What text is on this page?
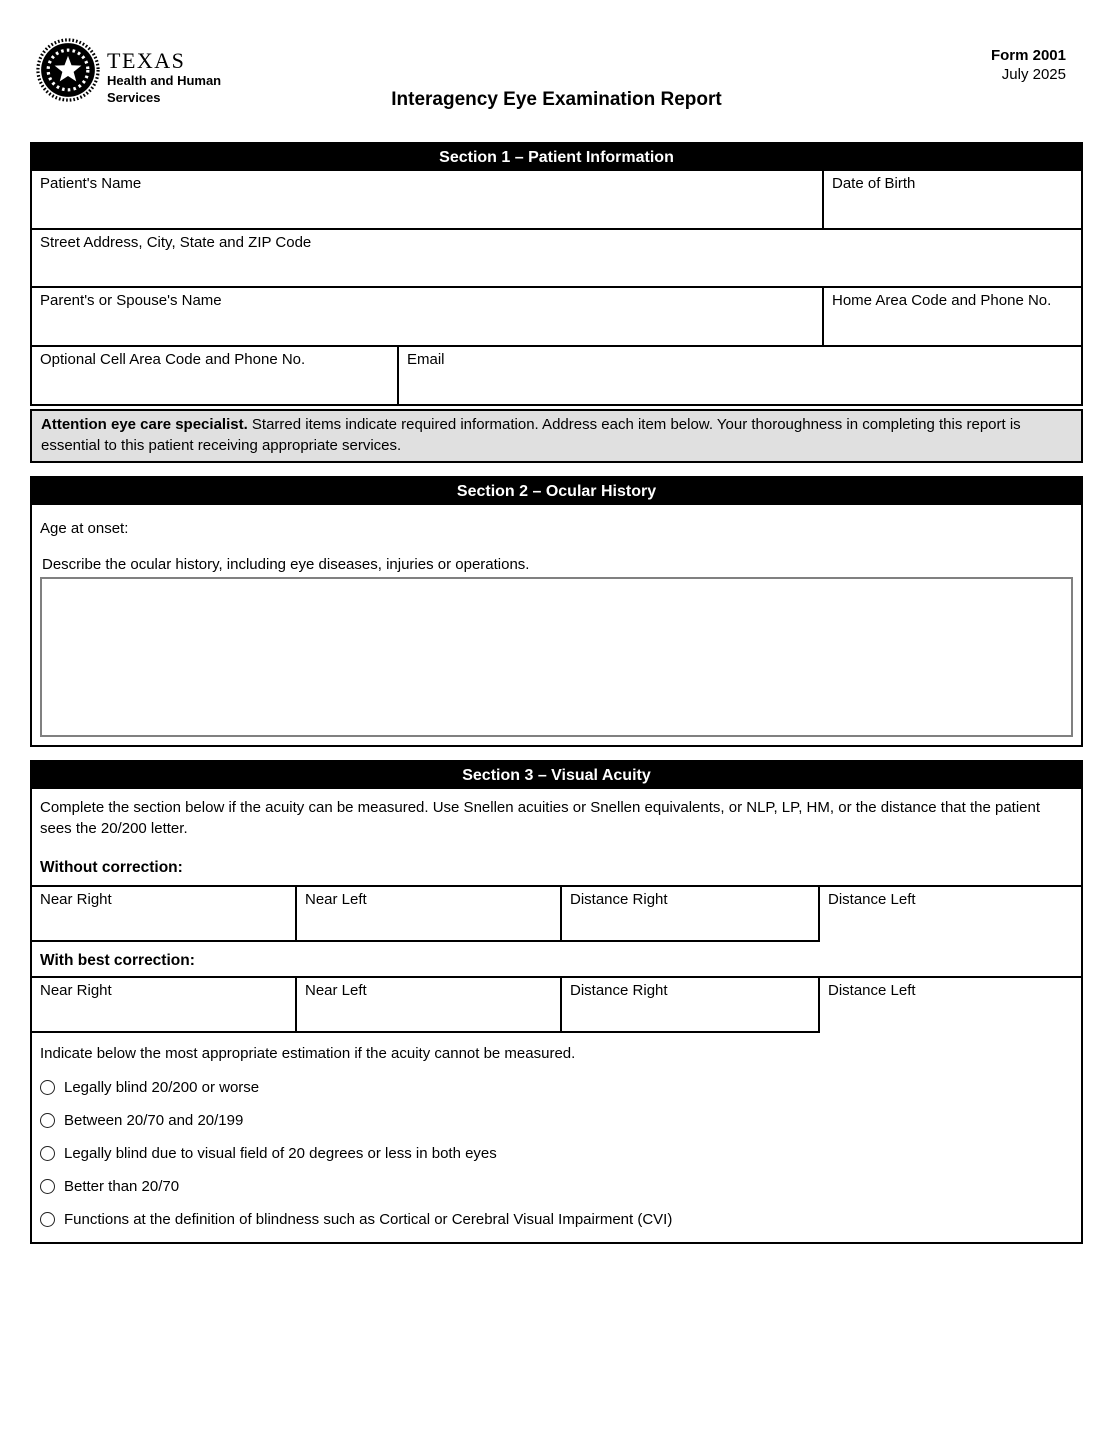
TEXAS
Health and Human
Services
Form 2001
July 2025
Interagency Eye Examination Report
Section 1 – Patient Information
Patient's Name	Date of Birth
Street Address, City, State and ZIP Code
Parent's or Spouse's Name	Home Area Code and Phone No.
Optional Cell Area Code and Phone No.	Email
Attention eye care specialist. Starred items indicate required information. Address each item below. Your thoroughness in completing this report is essential to this patient receiving appropriate services.
Section 2 – Ocular History
Age at onset:
Describe the ocular history, including eye diseases, injuries or operations.
Section 3 – Visual Acuity
Complete the section below if the acuity can be measured. Use Snellen acuities or Snellen equivalents, or NLP, LP, HM, or the distance that the patient sees the 20/200 letter.
Without correction:
Near Right	Near Left	Distance Right	Distance Left
With best correction:
Near Right	Near Left	Distance Right	Distance Left
Indicate below the most appropriate estimation if the acuity cannot be measured.
Legally blind 20/200 or worse
Between 20/70 and 20/199
Legally blind due to visual field of 20 degrees or less in both eyes
Better than 20/70
Functions at the definition of blindness such as Cortical or Cerebral Visual Impairment (CVI)
